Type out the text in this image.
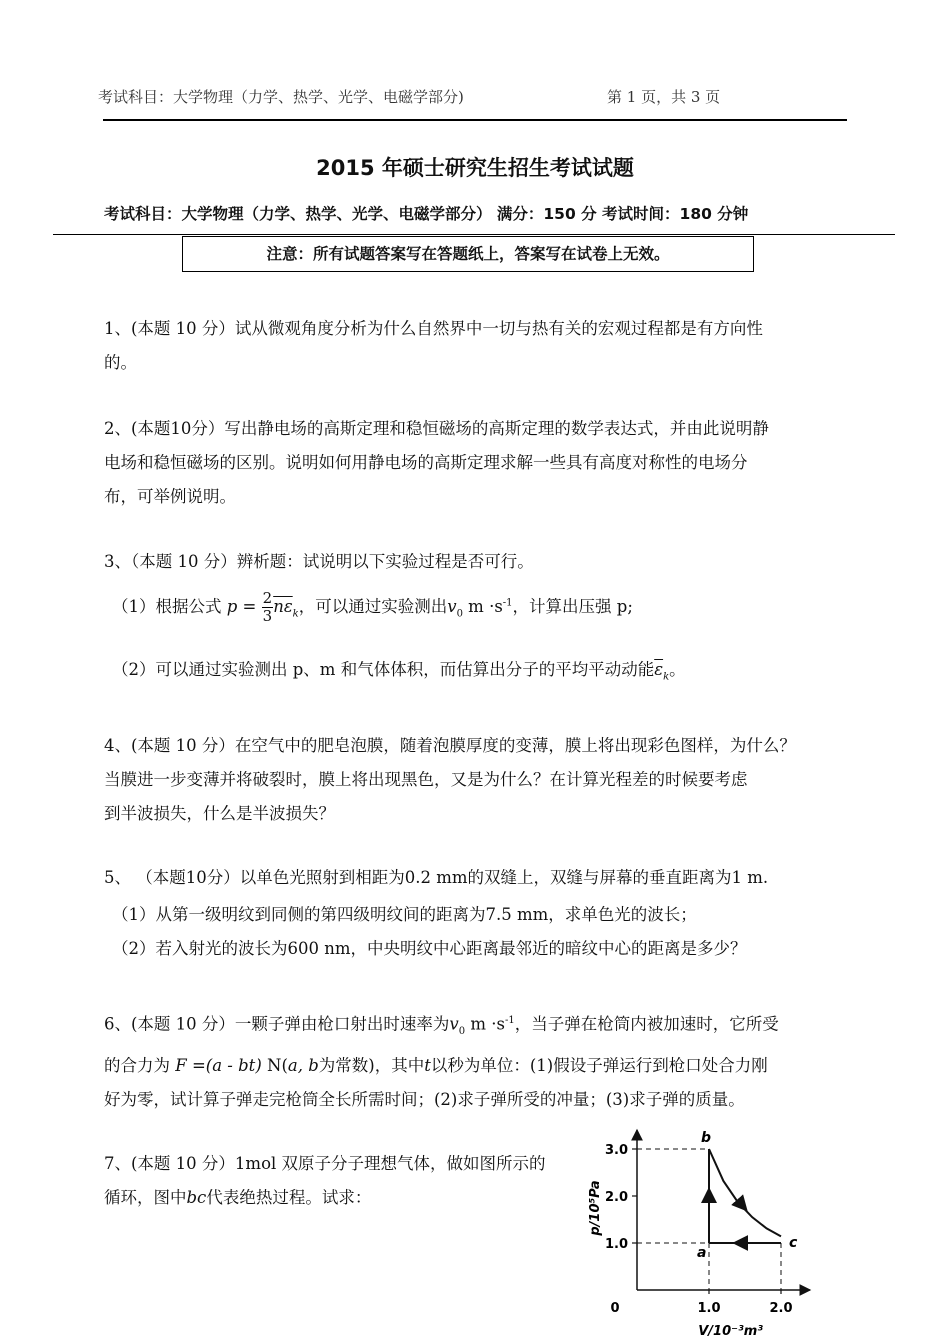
考试科目：大学物理（力学、热学、光学、电磁学部分)	第 1 页，共 3 页
2015 年硕士研究生招生考试试题
考试科目：大学物理（力学、热学、光学、电磁学部分） 满分：150 分 考试时间：180 分钟
注意：所有试题答案写在答题纸上，答案写在试卷上无效。
1、(本题 10 分）试从微观角度分析为什么自然界中一切与热有关的宏观过程都是有方向性
的。
2、(本题10分）写出静电场的高斯定理和稳恒磁场的高斯定理的数学表达式，并由此说明静
电场和稳恒磁场的区别。说明如何用静电场的高斯定理求解一些具有高度对称性的电场分
布，可举例说明。
3、（本题 10 分）辨析题：试说明以下实验过程是否可行。
（1）根据公式 $p = \frac{2}{3} \overline{n\varepsilon}_k$，可以通过实验测出$v_0$ $m \cdot s^{-1}$，计算出压强 p;
（2）可以通过实验测出 p、m 和气体体积，而估算出分子的平均平动动能$\overline{\varepsilon}_k$。
4、(本题 10 分）在空气中的肥皂泡膜，随着泡膜厚度的变薄，膜上将出现彩色图样，为什么？
当膜进一步变薄并将破裂时，膜上将出现黑色，又是为什么？在计算光程差的时候要考虑
到半波损失，什么是半波损失？
5、 （本题10分）以单色光照射到相距为0.2 mm的双缝上，双缝与屏幕的垂直距离为1 m.
（1）从第一级明纹到同侧的第四级明纹间的距离为7.5 mm，求单色光的波长；
（2）若入射光的波长为600 nm，中央明纹中心距离最邻近的暗纹中心的距离是多少？
6、(本题 10 分）一颗子弹由枪口射出时速率为$v_0$ $m \cdot s^{-1}$，当子弹在枪筒内被加速时，它所受
的合力为 F =(a - bt) N(a, b为常数)，其中t以秒为单位：(1)假设子弹运行到枪口处合力刚
好为零，试计算子弹走完枪筒全长所需时间；(2)求子弹所受的冲量；(3)求子弹的质量。
7、(本题 10 分）1mol 双原子分子理想气体，做如图所示的
循环，图中bc代表绝热过程。试求：
1.0
2.0
3.0
1.0	2.0
0
a
b
c
p/10⁵Pa
V/10⁻³m³
